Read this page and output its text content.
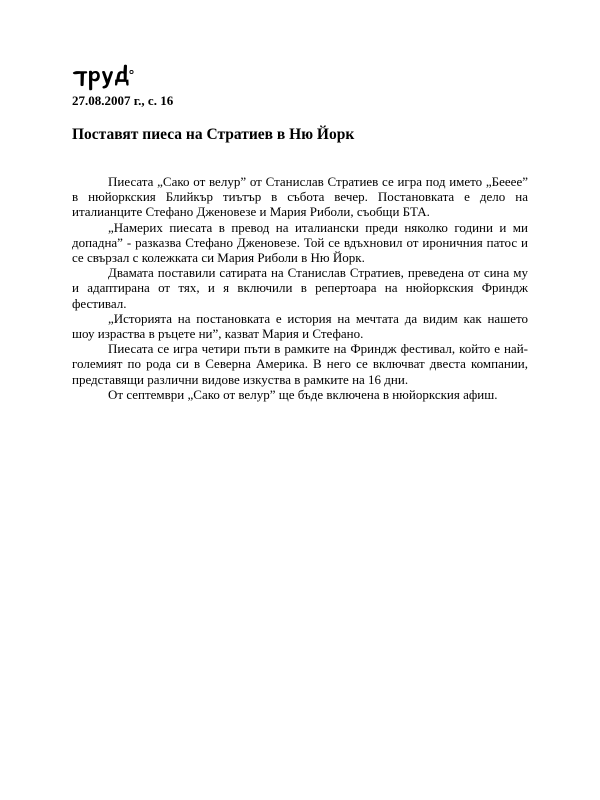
27.08.2007 г., с. 16
Поставят пиеса на Стратиев в Ню Йорк

Пиесата „Сако от велур” от Станислав Стратиев се игра под името „Бееее” в нюйоркския Блийкър тиътър в събота вечер. Постановката е дело на италианците Стефано Дженовезе и Мария Риболи, съобщи БТА.

„Намерих пиесата в превод на италиански преди няколко години и ми допадна” - разказва Стефано Дженовезе. Той се вдъхновил от ироничния патос и се свързал с колежката си Мария Риболи в Ню Йорк.

Двамата поставили сатирата на Станислав Стратиев, преведена от сина му и адаптирана от тях, и я включили в репертоара на нюйоркския Фриндж фестивал.

„Историята на постановката е история на мечтата да видим как нашето шоу израства в ръцете ни”, казват Мария и Стефано.

Пиесата се игра четири пъти в рамките на Фриндж фестивал, който е най-големият по рода си в Северна Америка. В него се включват двеста компании, представящи различни видове изкуства в рамките на 16 дни.

От септември „Сако от велур” ще бъде включена в нюйоркския афиш.
